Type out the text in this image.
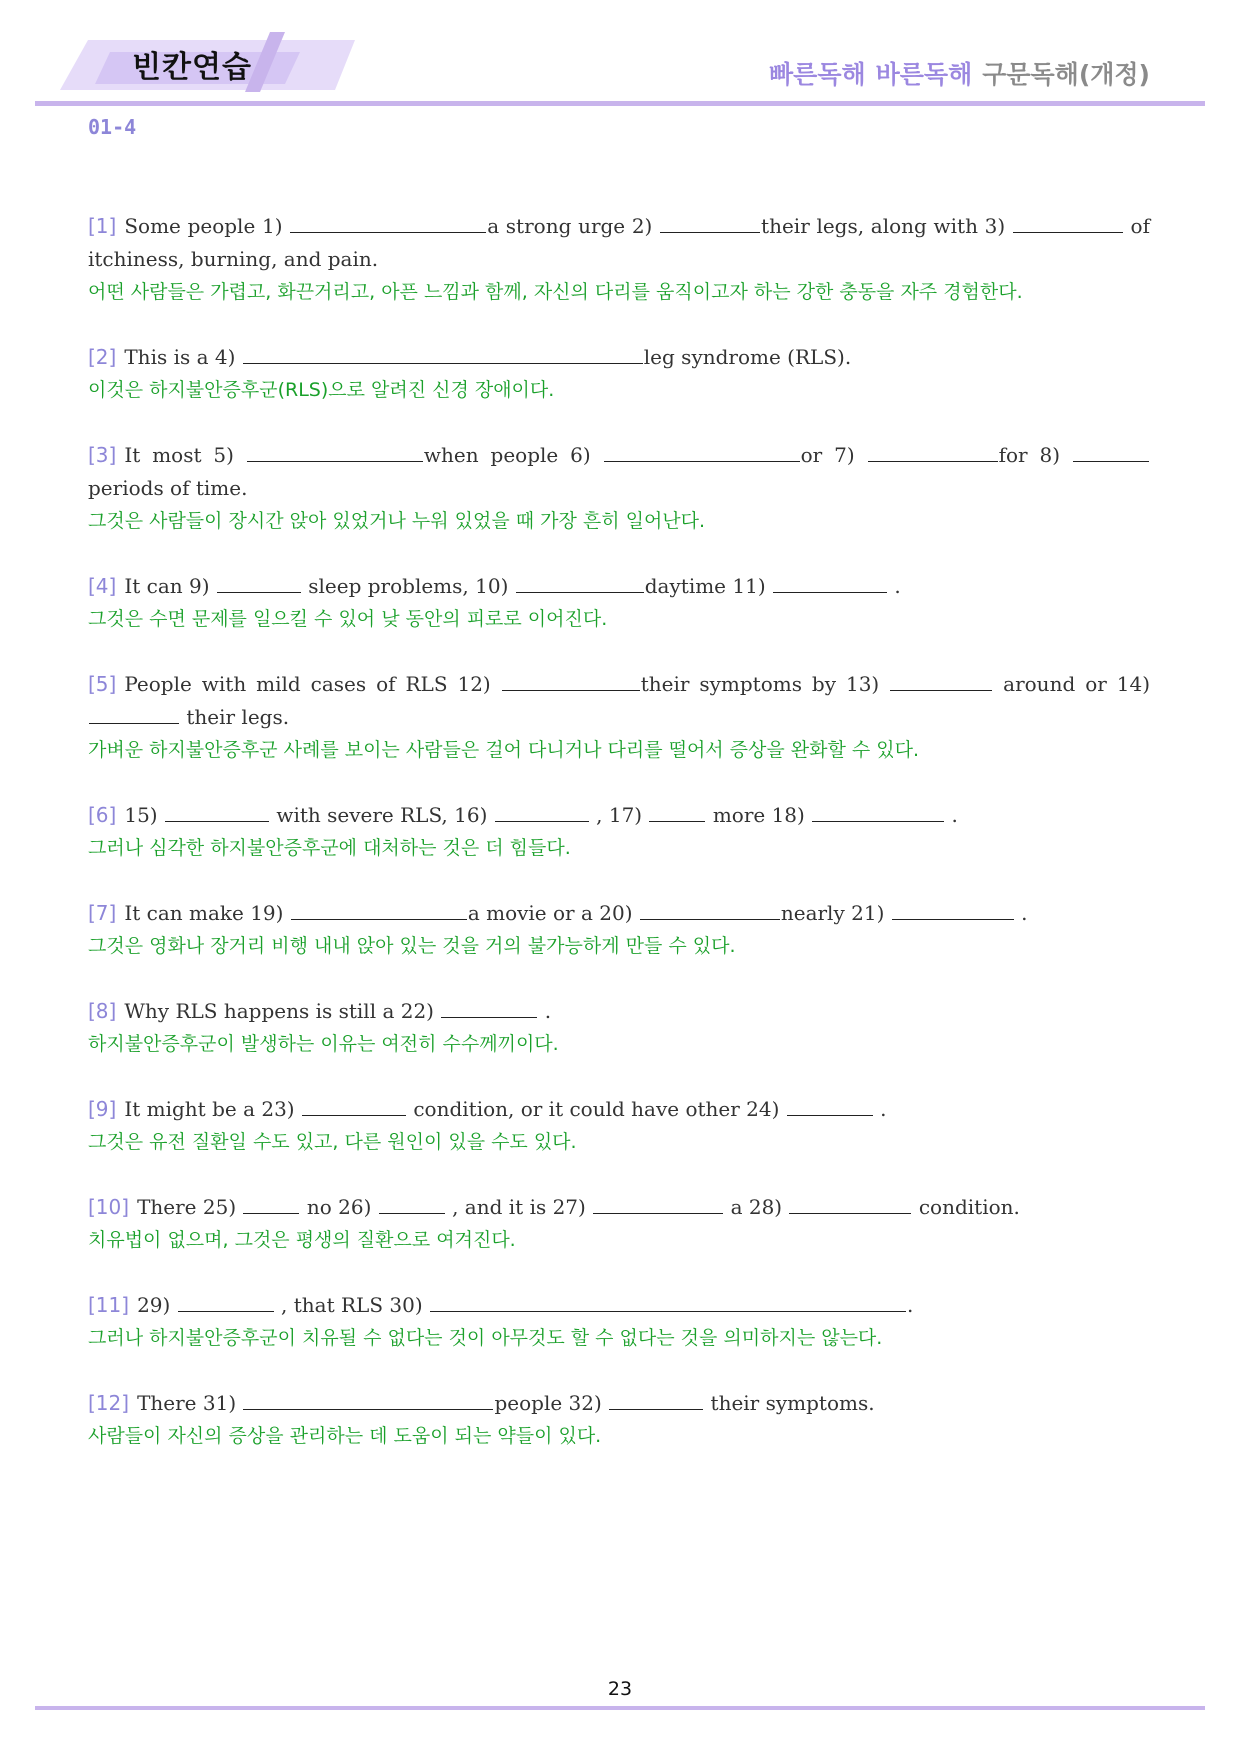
빈칸연습	빠른독해 바른독해 구문독해(개정)
01-4
[1] Some people 1)	a strong urge 2)	their legs, along with 3)	of itchiness, burning, and pain.
어떤 사람들은 가렵고, 화끈거리고, 아픈 느낌과 함께, 자신의 다리를 움직이고자 하는 강한 충동을 자주 경험한다.
[2] This is a 4)	leg syndrome (RLS).
이것은 하지불안증후군(RLS)으로 알려진 신경 장애이다.
[3] It most 5)	when people 6)	or 7)	for 8)  periods of time.
그것은 사람들이 장시간 앉아 있었거나 누워 있었을 때 가장 흔히 일어난다.
[4] It can 9)	sleep problems, 10)	daytime 11)	.
그것은 수면 문제를 일으킬 수 있어 낮 동안의 피로로 이어진다.
[5] People with mild cases of RLS 12)	their symptoms by 13)	around or 14)  their legs.
가벼운 하지불안증후군 사례를 보이는 사람들은 걸어 다니거나 다리를 떨어서 증상을 완화할 수 있다.
[6] 15)	with severe RLS, 16)	, 17)	more 18)	.
그러나 심각한 하지불안증후군에 대처하는 것은 더 힘들다.
[7] It can make 19)	a movie or a 20)	nearly 21)	.
그것은 영화나 장거리 비행 내내 앉아 있는 것을 거의 불가능하게 만들 수 있다.
[8] Why RLS happens is still a 22)	.
하지불안증후군이 발생하는 이유는 여전히 수수께끼이다.
[9] It might be a 23)	condition, or it could have other 24)	.
그것은 유전 질환일 수도 있고, 다른 원인이 있을 수도 있다.
[10] There 25)	no 26)	, and it is 27)	a 28)	condition.
치유법이 없으며, 그것은 평생의 질환으로 여겨진다.
[11] 29)	, that RLS 30)	.
그러나 하지불안증후군이 치유될 수 없다는 것이 아무것도 할 수 없다는 것을 의미하지는 않는다.
[12] There 31)	people 32)	their symptoms.
사람들이 자신의 증상을 관리하는 데 도움이 되는 약들이 있다.
23
